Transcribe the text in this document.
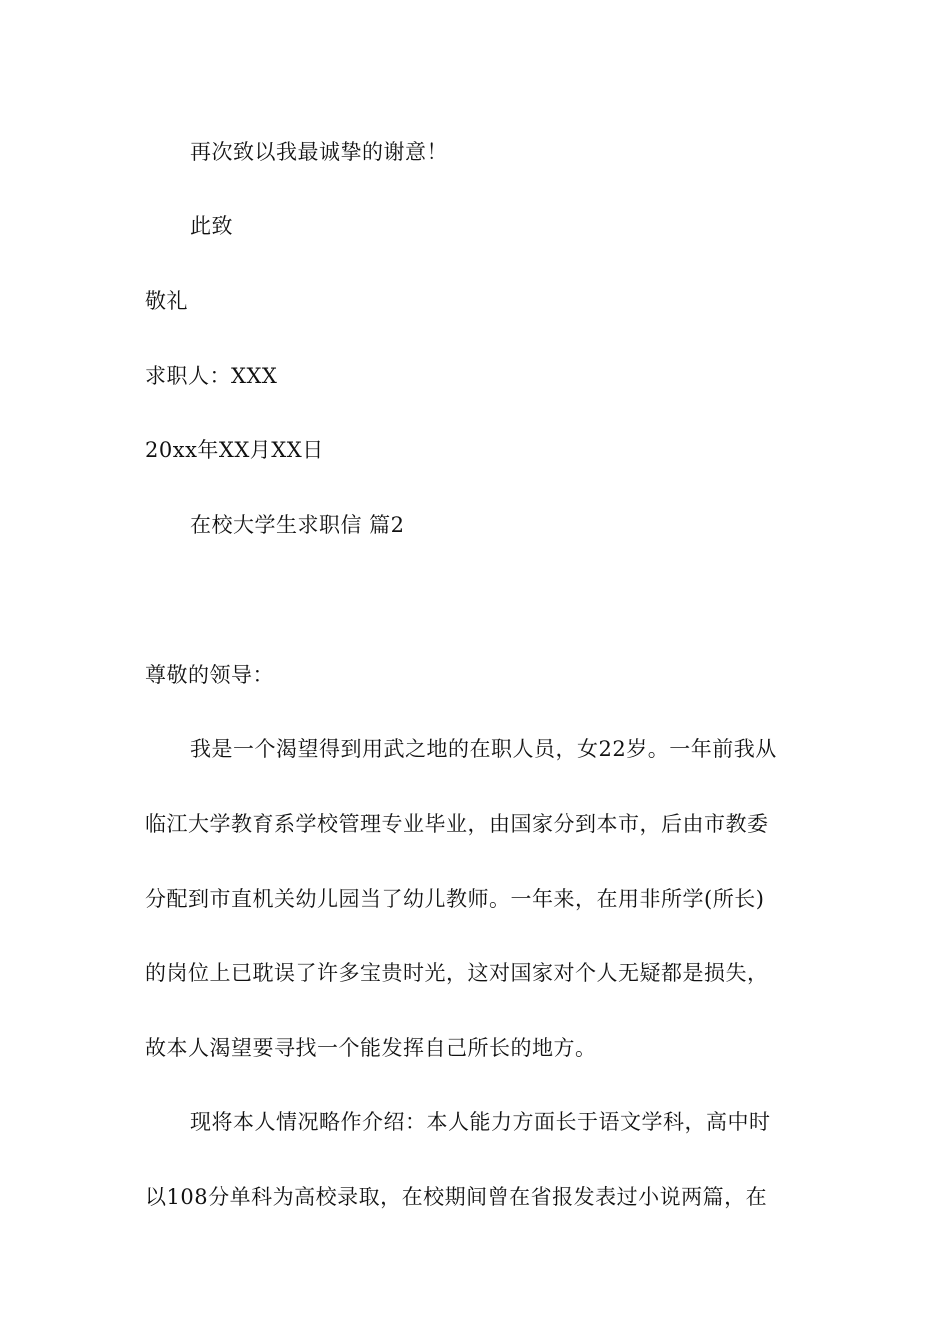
再次致以我最诚挚的谢意！
此致
敬礼
求职人：XXX
20xx年XX月XX日
在校大学生求职信 篇2
尊敬的领导：
我是一个渴望得到用武之地的在职人员，女22岁。一年前我从
临江大学教育系学校管理专业毕业，由国家分到本市，后由市教委
分配到市直机关幼儿园当了幼儿教师。一年来，在用非所学(所长)
的岗位上已耽误了许多宝贵时光，这对国家对个人无疑都是损失，
故本人渴望要寻找一个能发挥自己所长的地方。
现将本人情况略作介绍：本人能力方面长于语文学科，高中时
以108分单科为高校录取，在校期间曾在省报发表过小说两篇，在
